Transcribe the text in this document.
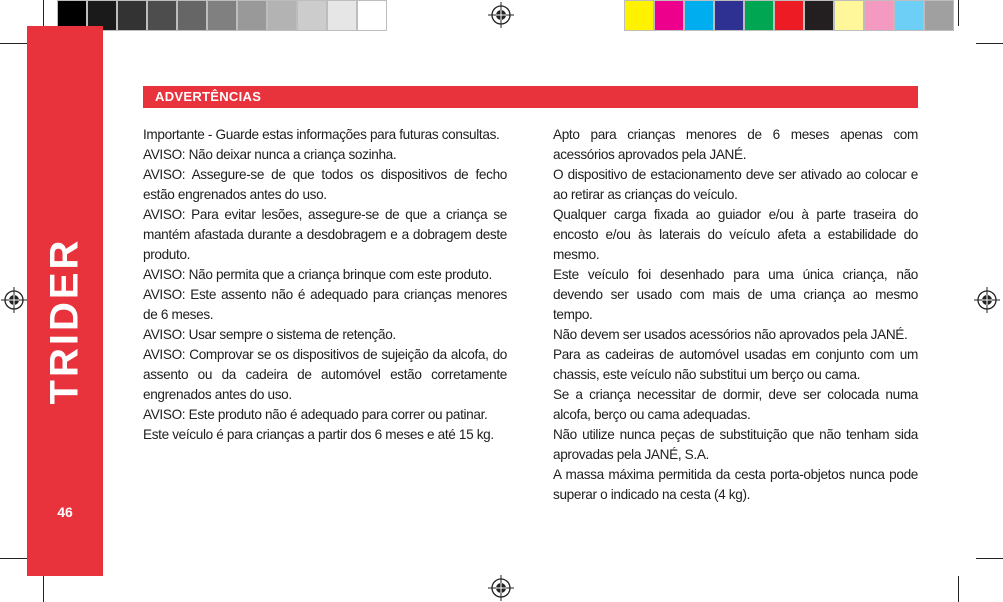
TRIDER
46
ADVERTÊNCIAS

Importante - Guarde estas informações para futuras consultas.

AVISO: Não deixar nunca a criança sozinha.

AVISO: Assegure-se de que todos os dispositivos de fecho estão engrenados antes do uso.

AVISO: Para evitar lesões, assegure-se de que a criança se mantém afastada durante a desdobragem e a dobragem deste produto.

AVISO: Não permita que a criança brinque com este produto.

AVISO: Este assento não é adequado para crianças menores de 6 meses.

AVISO: Usar sempre o sistema de retenção.

AVISO: Comprovar se os dispositivos de sujeição da alcofa, do assento ou da cadeira de automóvel estão corretamente engrenados antes do uso.

AVISO: Este produto não é adequado para correr ou patinar.

Este veículo é para crianças a partir dos 6 meses e até 15 kg.

Apto para crianças menores de 6 meses apenas com acessórios aprovados pela JANÉ.

O dispositivo de estacionamento deve ser ativado ao colocar e ao retirar as crianças do veículo.

Qualquer carga fixada ao guiador e/ou à parte traseira do encosto e/ou às laterais do veículo afeta a estabilidade do mesmo.

Este veículo foi desenhado para uma única criança, não devendo ser usado com mais de uma criança ao mesmo tempo.

Não devem ser usados acessórios não aprovados pela JANÉ.

Para as cadeiras de automóvel usadas em conjunto com um chassis, este veículo não substitui um berço ou cama.

Se a criança necessitar de dormir, deve ser colocada numa alcofa, berço ou cama adequadas.

Não utilize nunca peças de substituição que não tenham sida aprovadas pela JANÉ, S.A.

A massa máxima permitida da cesta porta-objetos nunca pode superar o indicado na cesta (4 kg).
